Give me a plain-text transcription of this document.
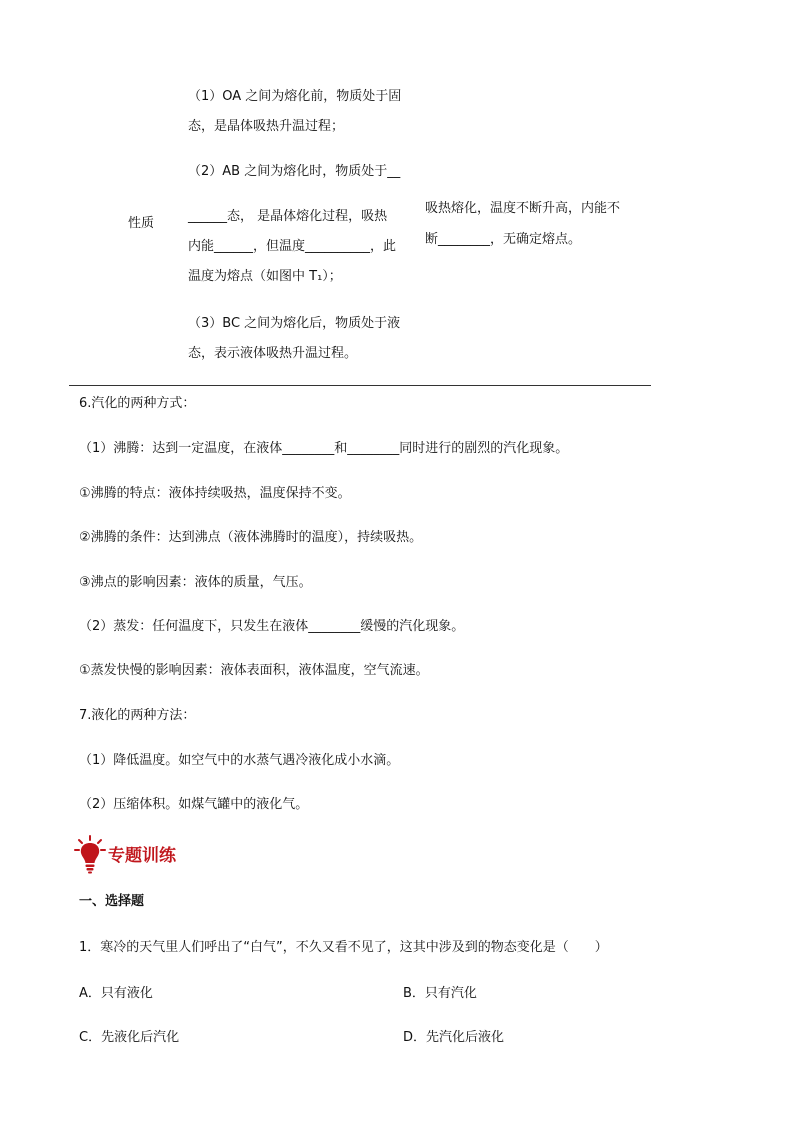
性质
（1）OA 之间为熔化前，物质处于固
态，是晶体吸热升温过程；
（2）AB 之间为熔化时，物质处于__
______态， 是晶体熔化过程，吸热
内能______，但温度__________，此
温度为熔点（如图中 T₁）；
（3）BC 之间为熔化后，物质处于液
态，表示液体吸热升温过程。
吸热熔化，温度不断升高，内能不
断________，无确定熔点。
6.汽化的两种方式：
（1）沸腾：达到一定温度，在液体________和________同时进行的剧烈的汽化现象。
①沸腾的特点：液体持续吸热，温度保持不变。
②沸腾的条件：达到沸点（液体沸腾时的温度），持续吸热。
③沸点的影响因素：液体的质量，气压。
（2）蒸发：任何温度下，只发生在液体________缓慢的汽化现象。
①蒸发快慢的影响因素：液体表面积，液体温度，空气流速。
7.液化的两种方法：
（1）降低温度。如空气中的水蒸气遇冷液化成小水滴。
（2）压缩体积。如煤气罐中的液化气。
专题训练
一、选择题
1．寒冷的天气里人们呼出了“白气”，不久又看不见了，这其中涉及到的物态变化是（　　）
A．只有液化	B．只有汽化
C．先液化后汽化	D．先汽化后液化
